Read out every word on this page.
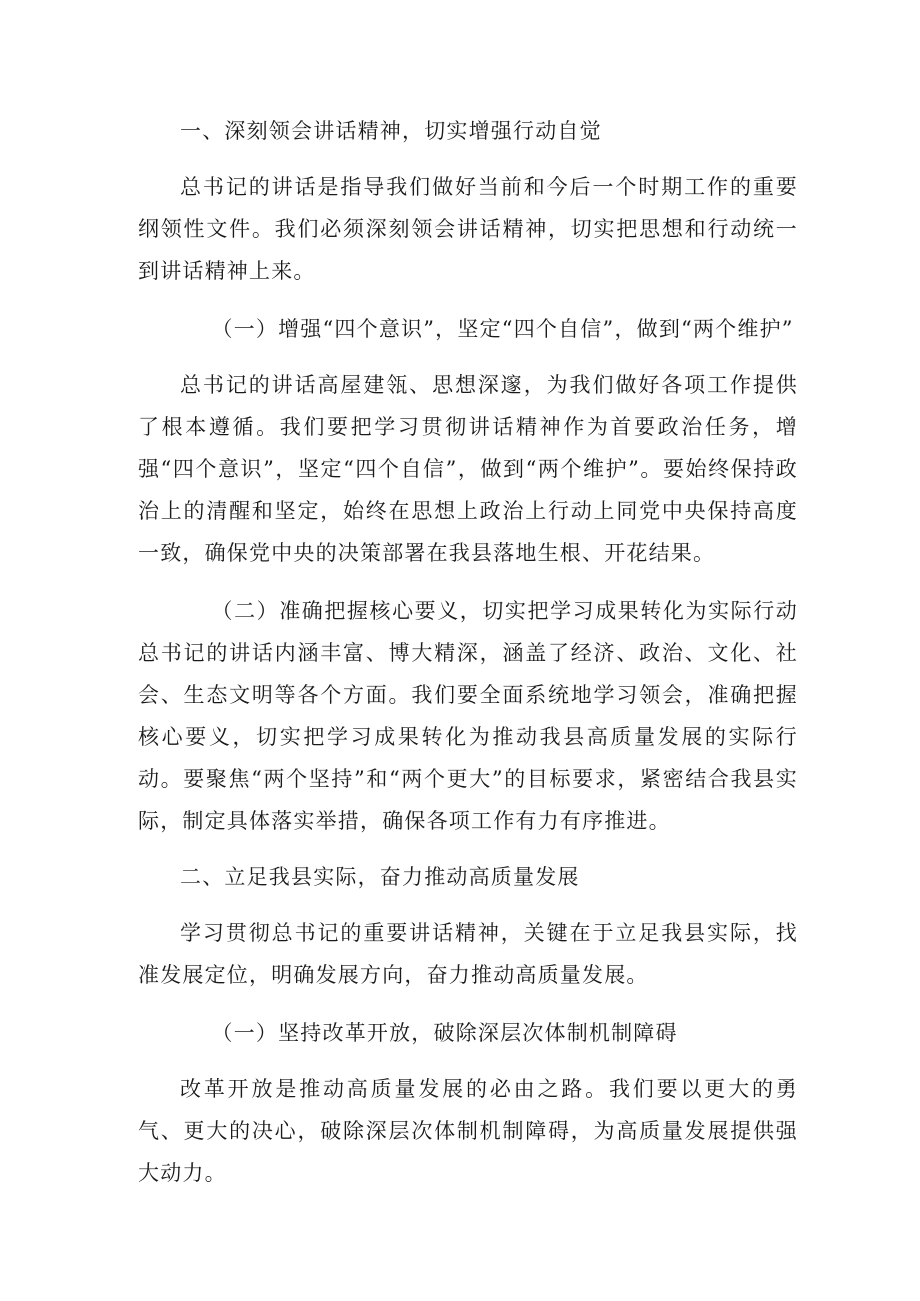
一、深刻领会讲话精神，切实增强行动自觉

总书记的讲话是指导我们做好当前和今后一个时期工作的重要纲领性文件。我们必须深刻领会讲话精神，切实把思想和行动统一到讲话精神上来。

（一）增强“四个意识”，坚定“四个自信”，做到“两个维护”

总书记的讲话高屋建瓴、思想深邃，为我们做好各项工作提供了根本遵循。我们要把学习贯彻讲话精神作为首要政治任务，增强“四个意识”，坚定“四个自信”，做到“两个维护”。要始终保持政治上的清醒和坚定，始终在思想上政治上行动上同党中央保持高度一致，确保党中央的决策部署在我县落地生根、开花结果。

（二）准确把握核心要义，切实把学习成果转化为实际行动总书记的讲话内涵丰富、博大精深，涵盖了经济、政治、文化、社会、生态文明等各个方面。我们要全面系统地学习领会，准确把握核心要义，切实把学习成果转化为推动我县高质量发展的实际行动。要聚焦“两个坚持”和“两个更大”的目标要求，紧密结合我县实际，制定具体落实举措，确保各项工作有力有序推进。

二、立足我县实际，奋力推动高质量发展

学习贯彻总书记的重要讲话精神，关键在于立足我县实际，找准发展定位，明确发展方向，奋力推动高质量发展。

（一）坚持改革开放，破除深层次体制机制障碍

改革开放是推动高质量发展的必由之路。我们要以更大的勇气、更大的决心，破除深层次体制机制障碍，为高质量发展提供强大动力。
